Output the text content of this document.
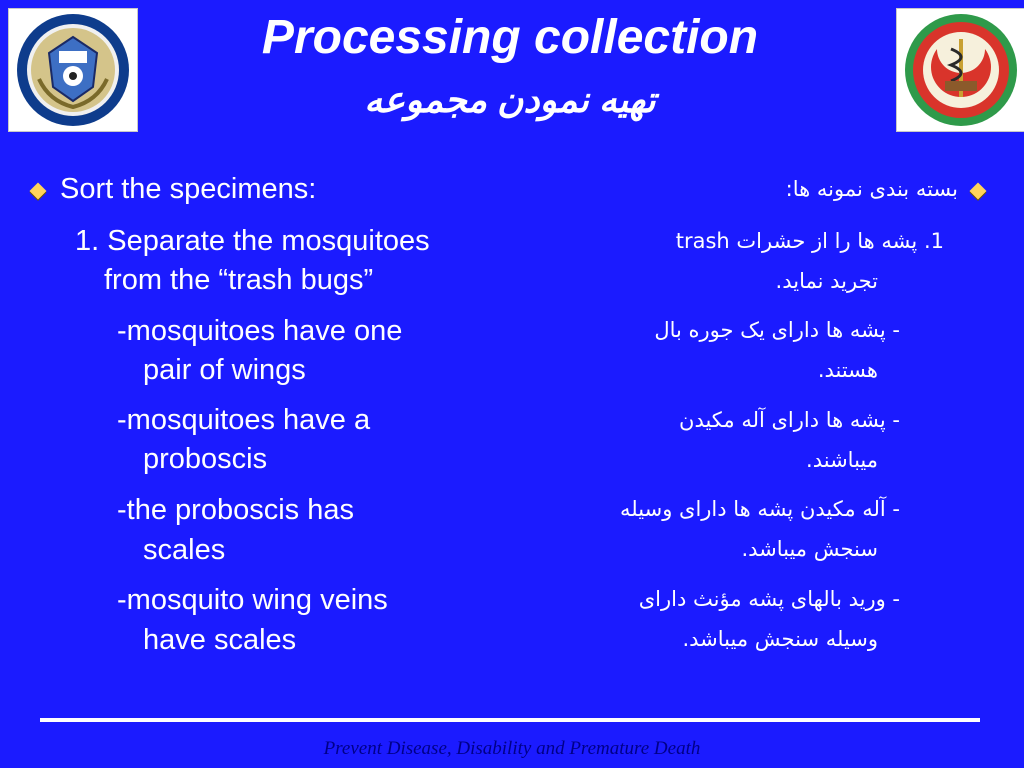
Processing collection
تهیه نمودن مجموعه
Sort the specimens:
1. Separate the mosquitoes
from the “trash bugs”
-mosquitoes have one
pair of wings
-mosquitoes have a
proboscis
-the proboscis has
scales
-mosquito wing veins
have scales
بسته بندی نمونه ها:
1. پشه ها را از حشرات trash
تجرید نماید.
- پشه ها دارای یک جوره بال
هستند.
- پشه ها دارای آله مکیدن
میباشند.
- آله مکیدن پشه ها دارای وسیله
سنجش میباشد.
- ورید بالهای پشه مؤنث دارای
وسیله سنجش میباشد.
Prevent Disease, Disability and Premature Death
